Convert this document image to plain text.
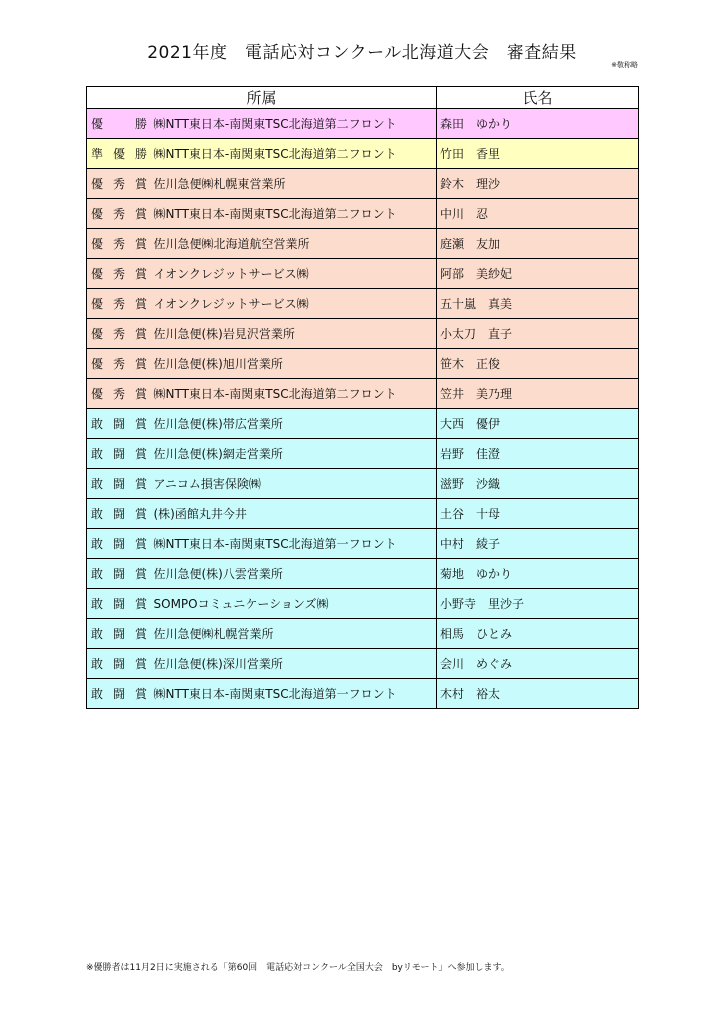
2021年度　電話応対コンクール北海道大会　審査結果
※敬称略
所属		氏名

優 勝	㈱NTT東日本-南関東TSC北海道第二フロント	森田　ゆかり

準 優 勝	㈱NTT東日本-南関東TSC北海道第二フロント	竹田　香里

優 秀 賞	佐川急便㈱札幌東営業所	鈴木　理沙

優 秀 賞	㈱NTT東日本-南関東TSC北海道第二フロント	中川　忍

優 秀 賞	佐川急便㈱北海道航空営業所	庭瀬　友加

優 秀 賞	イオンクレジットサービス㈱	阿部　美紗妃

優 秀 賞	イオンクレジットサービス㈱	五十嵐　真美

優 秀 賞	佐川急便(株)岩見沢営業所	小太刀　直子

優 秀 賞	佐川急便(株)旭川営業所	笹木　正俊

優 秀 賞	㈱NTT東日本-南関東TSC北海道第二フロント	笠井　美乃理

敢 闘 賞	佐川急便(株)帯広営業所	大西　優伊

敢 闘 賞	佐川急便(株)網走営業所	岩野　佳澄

敢 闘 賞	アニコム損害保険㈱	滋野　沙織

敢 闘 賞	(株)函館丸井今井	土谷　十母

敢 闘 賞	㈱NTT東日本-南関東TSC北海道第一フロント	中村　綾子

敢 闘 賞	佐川急便(株)八雲営業所	菊地　ゆかり

敢 闘 賞	SOMPOコミュニケーションズ㈱	小野寺　里沙子

敢 闘 賞	佐川急便㈱札幌営業所	相馬　ひとみ

敢 闘 賞	佐川急便(株)深川営業所	会川　めぐみ

敢 闘 賞	㈱NTT東日本-南関東TSC北海道第一フロント	木村　裕太
※優勝者は11月2日に実施される「第60回　電話応対コンクール全国大会　byリモート」へ参加します。
